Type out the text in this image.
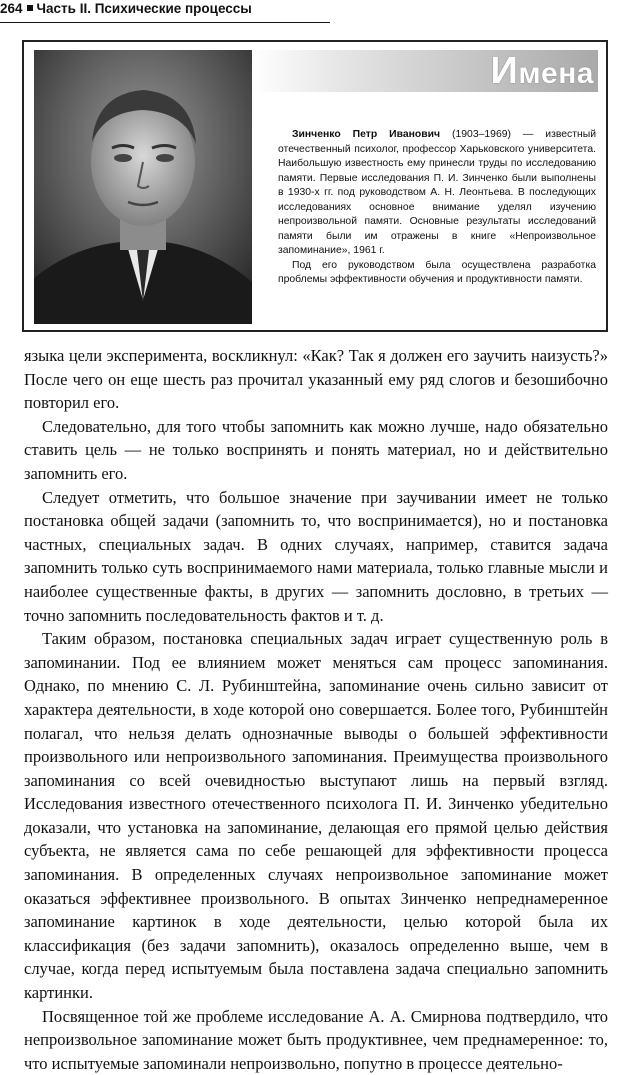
264 Часть II. Психические процессы
Имена

Зинченко Петр Иванович (1903–1969) — известный отечественный психолог, профессор Харьковского университета. Наибольшую известность ему принесли труды по исследованию памяти. Первые исследования П. И. Зинченко были выполнены в 1930-х гг. под руководством А. Н. Леонтьева. В последующих исследованиях основное внимание уделял изучению непроизвольной памяти. Основные результаты исследований памяти были им отражены в книге «Непроизвольное запоминание», 1961 г.

Под его руководством была осуществлена разработка проблемы эффективности обучения и продуктивности памяти.

языка цели эксперимента, воскликнул: «Как? Так я должен его заучить наизусть?» После чего он еще шесть раз прочитал указанный ему ряд слогов и безошибочно повторил его.

Следовательно, для того чтобы запомнить как можно лучше, надо обязательно ставить цель — не только воспринять и понять материал, но и действительно запомнить его.

Следует отметить, что большое значение при заучивании имеет не только постановка общей задачи (запомнить то, что воспринимается), но и постановка частных, специальных задач. В одних случаях, например, ставится задача запомнить только суть воспринимаемого нами материала, только главные мысли и наиболее существенные факты, в других — запомнить дословно, в третьих — точно запомнить последовательность фактов и т. д.

Таким образом, постановка специальных задач играет существенную роль в запоминании. Под ее влиянием может меняться сам процесс запоминания. Однако, по мнению С. Л. Рубинштейна, запоминание очень сильно зависит от характера деятельности, в ходе которой оно совершается. Более того, Рубинштейн полагал, что нельзя делать однозначные выводы о большей эффективности произвольного или непроизвольного запоминания. Преимущества произвольного запоминания со всей очевидностью выступают лишь на первый взгляд. Исследования известного отечественного психолога П. И. Зинченко убедительно доказали, что установка на запоминание, делающая его прямой целью действия субъекта, не является сама по себе решающей для эффективности процесса запоминания. В определенных случаях непроизвольное запоминание может оказаться эффективнее произвольного. В опытах Зинченко непреднамеренное запоминание картинок в ходе деятельности, целью которой была их классификация (без задачи запомнить), оказалось определенно выше, чем в случае, когда перед испытуемым была поставлена задача специально запомнить картинки.

Посвященное той же проблеме исследование А. А. Смирнова подтвердило, что непроизвольное запоминание может быть продуктивнее, чем преднамеренное: то, что испытуемые запоминали непроизвольно, попутно в процессе деятельно-
